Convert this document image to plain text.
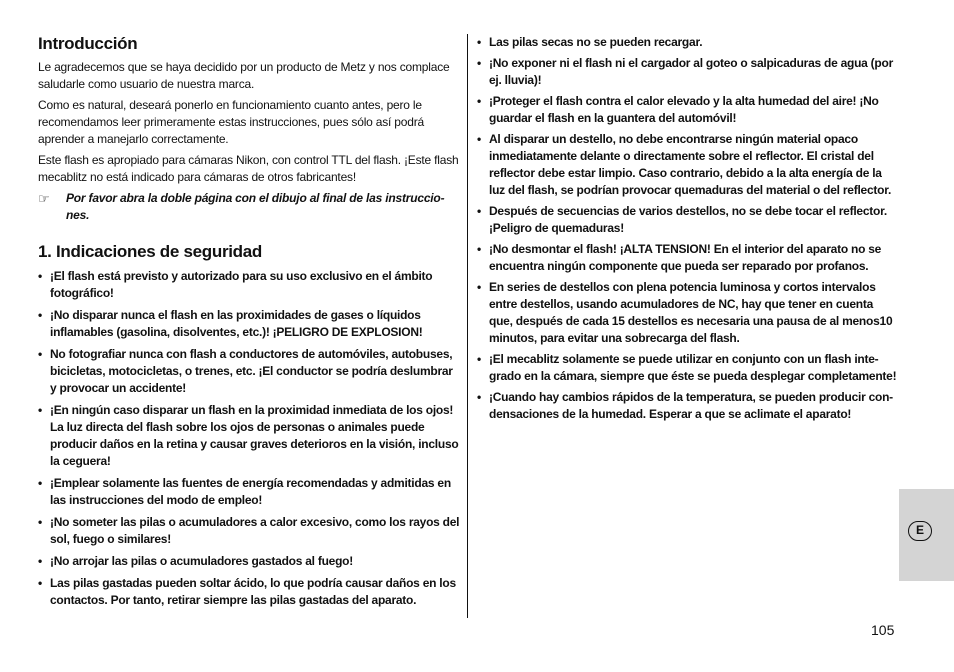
Introducción

Le agradecemos que se haya decidido por un producto de Metz y nos complace saludarle como usuario de nuestra marca.

Como es natural, deseará ponerlo en funcionamiento cuanto antes, pero le recomendamos leer primeramente estas instrucciones, pues sólo así podrá aprender a manejarlo correctamente.

Este flash es apropiado para cámaras Nikon, con control TTL del flash. ¡Este flash mecablitz no está indicado para cámaras de otros fabricantes!

☞	Por favor abra la doble página con el dibujo al final de las instrucciones.
1. Indicaciones de seguridad
• ¡El flash está previsto y autorizado para su uso exclusivo en el ámbito fotográfico!
• ¡No disparar nunca el flash en las proximidades de gases o líquidos inflamables (gasolina, disolventes, etc.)! ¡PELIGRO DE EXPLOSION!
• No fotografiar nunca con flash a conductores de automóviles, autobuses, bicicletas, motocicletas, o trenes, etc. ¡El conductor se podría deslumbrar y provocar un accidente!
• ¡En ningún caso disparar un flash en la proximidad inmediata de los ojos! La luz directa del flash sobre los ojos de personas o animales puede producir daños en la retina y causar graves deterioros en la visión, incluso la ceguera!
• ¡Emplear solamente las fuentes de energía recomendadas y admitidas en las instrucciones del modo de empleo!
• ¡No someter las pilas o acumuladores a calor excesivo, como los rayos del sol, fuego o similares!
• ¡No arrojar las pilas o acumuladores gastados al fuego!
• Las pilas gastadas pueden soltar ácido, lo que podría causar daños en los contactos. Por tanto, retirar siempre las pilas gastadas del aparato.
• Las pilas secas no se pueden recargar.
• ¡No exponer ni el flash ni el cargador al goteo o salpicaduras de agua (por ej. lluvia)!
• ¡Proteger el flash contra el calor elevado y la alta humedad del aire! ¡No guardar el flash en la guantera del automóvil!
• Al disparar un destello, no debe encontrarse ningún material opaco inmediatamente delante o directamente sobre el reflector. El cristal del reflector debe estar limpio. Caso contrario, debido a la alta energía de la luz del flash, se podrían provocar quemaduras del material o del reflector.
• Después de secuencias de varios destellos, no se debe tocar el reflector. ¡Peligro de quemaduras!
• ¡No desmontar el flash! ¡ALTA TENSION! En el interior del aparato no se encuentra ningún componente que pueda ser reparado por profanos.
• En series de destellos con plena potencia luminosa y cortos intervalos entre destellos, usando acumuladores de NC, hay que tener en cuenta que, después de cada 15 destellos es necesaria una pausa de al menos10 minutos, para evitar una sobrecarga del flash.
• ¡El mecablitz solamente se puede utilizar en conjunto con un flash integrado en la cámara, siempre que éste se pueda desplegar completamente!
• ¡Cuando hay cambios rápidos de la temperatura, se pueden producir condensaciones de la humedad. Esperar a que se aclimate el aparato!
E
105
